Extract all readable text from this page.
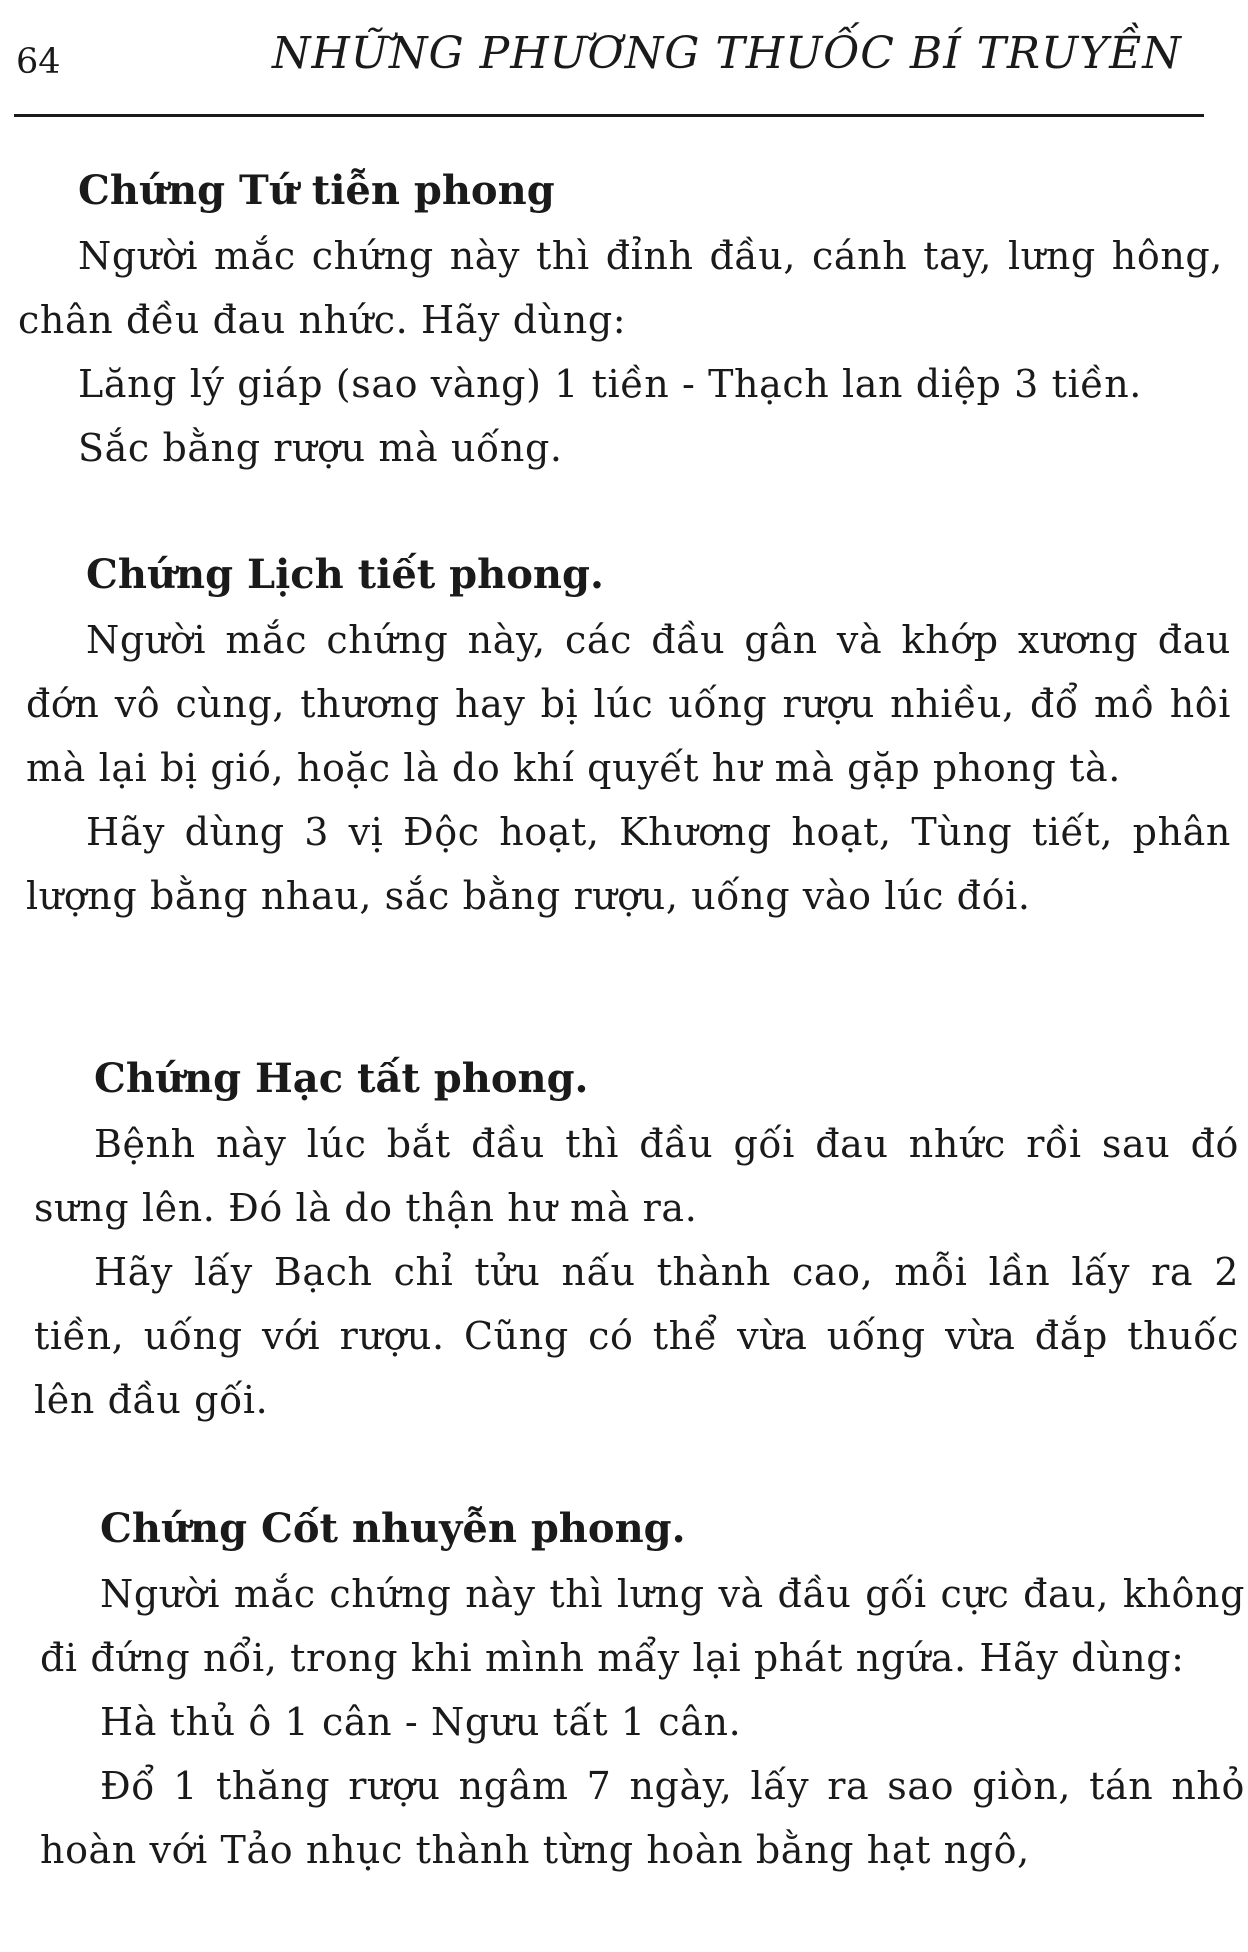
64	NHỮNG PHƯƠNG THUỐC BÍ TRUYỀN
Chứng Tứ tiễn phong

Người mắc chứng này thì đỉnh đầu, cánh tay, lưng hông, chân đều đau nhức. Hãy dùng:

Lăng lý giáp (sao vàng) 1 tiền - Thạch lan diệp 3 tiền.

Sắc bằng rượu mà uống.

Chứng Lịch tiết phong.

Người mắc chứng này, các đầu gân và khớp xương đau đớn vô cùng, thương hay bị lúc uống rượu nhiều, đổ mồ hôi mà lại bị gió, hoặc là do khí quyết hư mà gặp phong tà.

Hãy dùng 3 vị Độc hoạt, Khương hoạt, Tùng tiết, phân lượng bằng nhau, sắc bằng rượu, uống vào lúc đói.

Chứng Hạc tất phong.

Bệnh này lúc bắt đầu thì đầu gối đau nhức rồi sau đó sưng lên. Đó là do thận hư mà ra.

Hãy lấy Bạch chỉ tửu nấu thành cao, mỗi lần lấy ra 2 tiền, uống với rượu. Cũng có thể vừa uống vừa đắp thuốc lên đầu gối.

Chứng Cốt nhuyễn phong.

Người mắc chứng này thì lưng và đầu gối cực đau, không đi đứng nổi, trong khi mình mẩy lại phát ngứa. Hãy dùng:

Hà thủ ô 1 cân - Ngưu tất 1 cân.

Đổ 1 thăng rượu ngâm 7 ngày, lấy ra sao giòn, tán nhỏ hoàn với Tảo nhục thành từng hoàn bằng hạt ngô,
